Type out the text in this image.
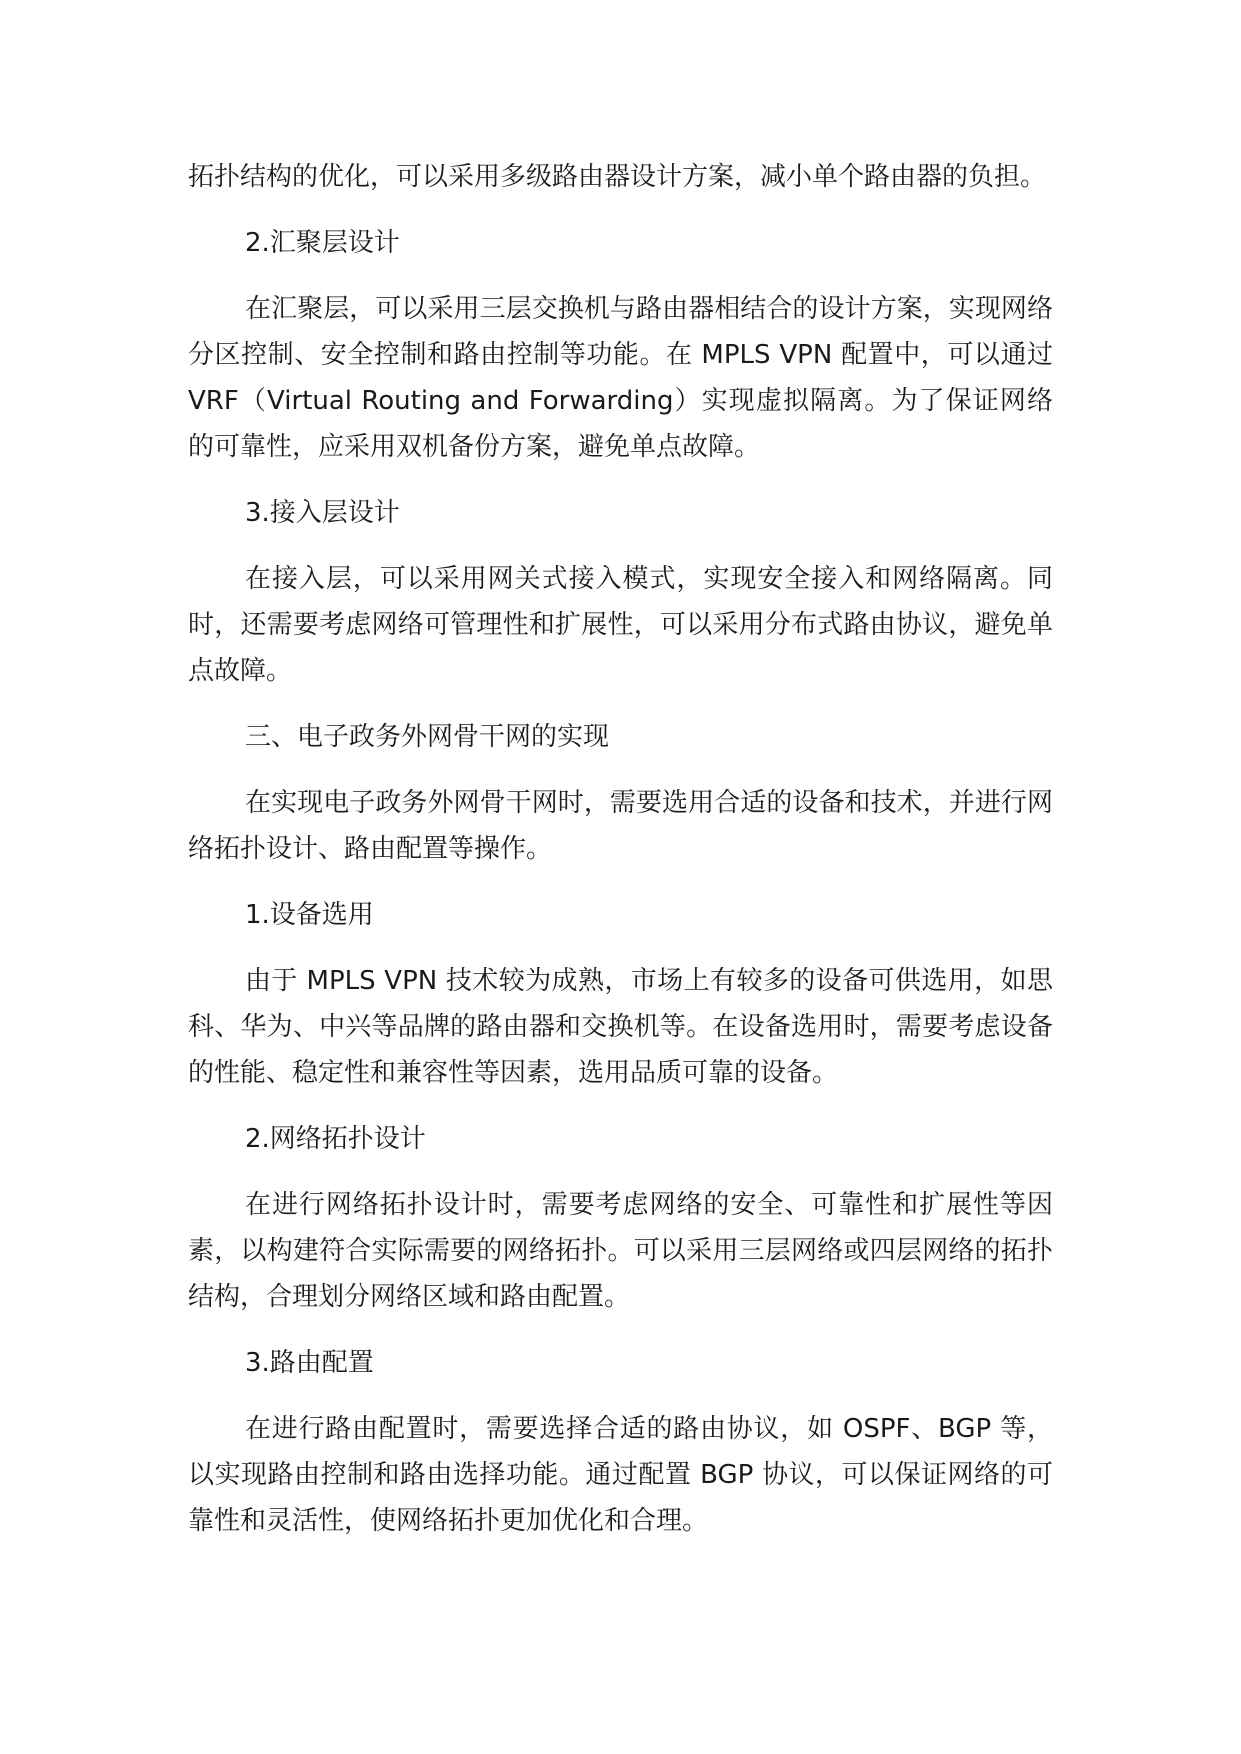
拓扑结构的优化，可以采用多级路由器设计方案，减小单个路由器的负担。

2.汇聚层设计

在汇聚层，可以采用三层交换机与路由器相结合的设计方案，实现网络分区控制、安全控制和路由控制等功能。在 MPLS VPN 配置中，可以通过 VRF（Virtual Routing and Forwarding）实现虚拟隔离。为了保证网络的可靠性，应采用双机备份方案，避免单点故障。

3.接入层设计

在接入层，可以采用网关式接入模式，实现安全接入和网络隔离。同时，还需要考虑网络可管理性和扩展性，可以采用分布式路由协议，避免单点故障。

三、电子政务外网骨干网的实现

在实现电子政务外网骨干网时，需要选用合适的设备和技术，并进行网络拓扑设计、路由配置等操作。

1.设备选用

由于 MPLS VPN 技术较为成熟，市场上有较多的设备可供选用，如思科、华为、中兴等品牌的路由器和交换机等。在设备选用时，需要考虑设备的性能、稳定性和兼容性等因素，选用品质可靠的设备。

2.网络拓扑设计

在进行网络拓扑设计时，需要考虑网络的安全、可靠性和扩展性等因素，以构建符合实际需要的网络拓扑。可以采用三层网络或四层网络的拓扑结构，合理划分网络区域和路由配置。

3.路由配置

在进行路由配置时，需要选择合适的路由协议，如 OSPF、BGP 等，以实现路由控制和路由选择功能。通过配置 BGP 协议，可以保证网络的可靠性和灵活性，使网络拓扑更加优化和合理。
